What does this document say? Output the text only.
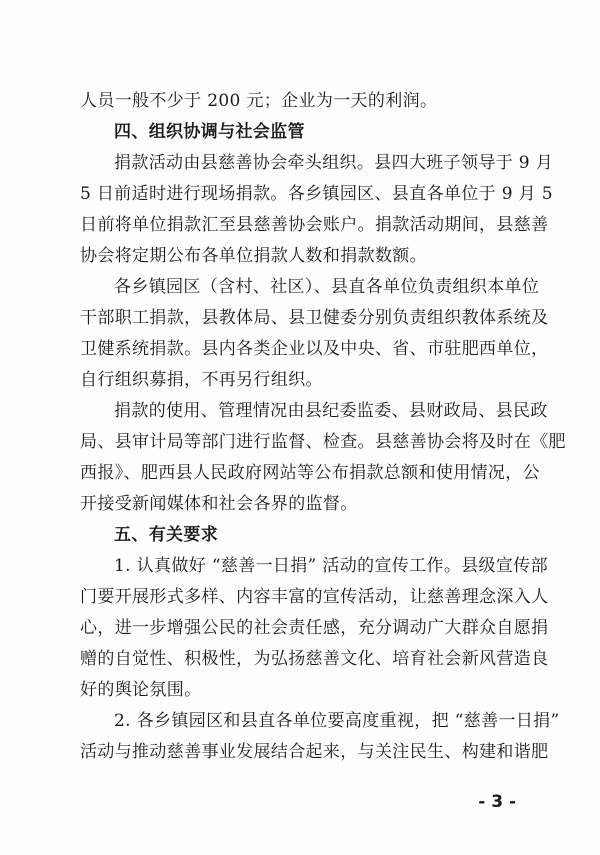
人员一般不少于 200 元；企业为一天的利润。
四、组织协调与社会监管
捐款活动由县慈善协会牵头组织。县四大班子领导于 9 月
5 日前适时进行现场捐款。各乡镇园区、县直各单位于 9 月 5
日前将单位捐款汇至县慈善协会账户。捐款活动期间，县慈善
协会将定期公布各单位捐款人数和捐款数额。
各乡镇园区（含村、社区）、县直各单位负责组织本单位
干部职工捐款，县教体局、县卫健委分别负责组织教体系统及
卫健系统捐款。县内各类企业以及中央、省、市驻肥西单位，
自行组织募捐，不再另行组织。
捐款的使用、管理情况由县纪委监委、县财政局、县民政
局、县审计局等部门进行监督、检查。县慈善协会将及时在《肥
西报》、肥西县人民政府网站等公布捐款总额和使用情况，公
开接受新闻媒体和社会各界的监督。
五、有关要求
1. 认真做好 “慈善一日捐” 活动的宣传工作。县级宣传部
门要开展形式多样、内容丰富的宣传活动，让慈善理念深入人
心，进一步增强公民的社会责任感，充分调动广大群众自愿捐
赠的自觉性、积极性，为弘扬慈善文化、培育社会新风营造良
好的舆论氛围。
2. 各乡镇园区和县直各单位要高度重视，把 “慈善一日捐”
活动与推动慈善事业发展结合起来，与关注民生、构建和谐肥
- 3 -
